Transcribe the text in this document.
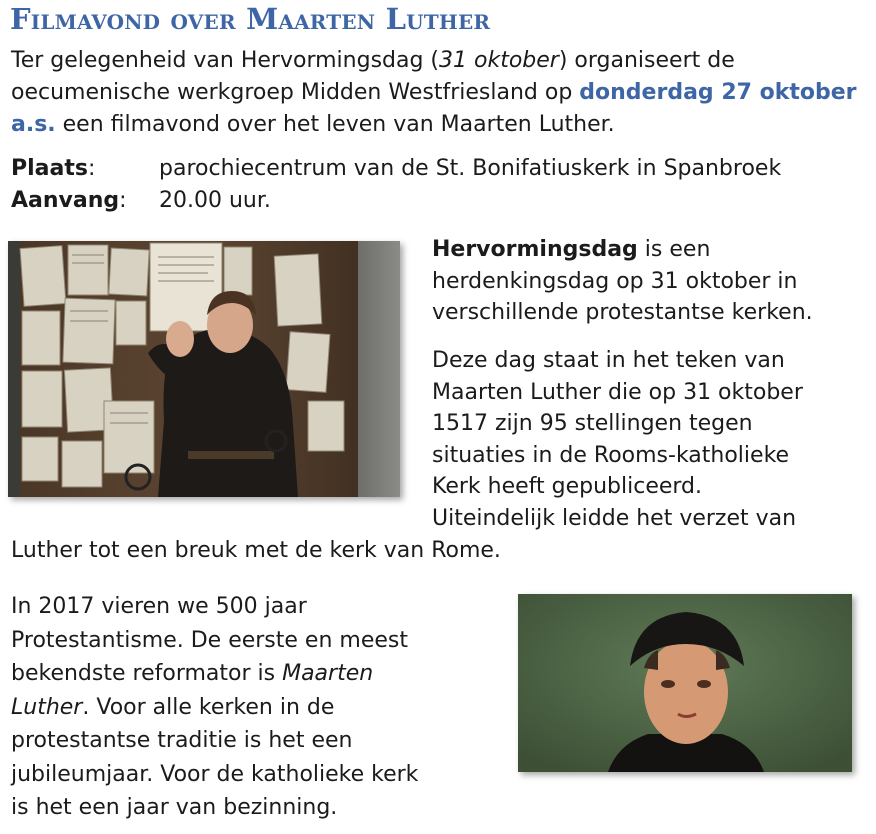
Filmavond over Maarten Luther

Ter gelegenheid van Hervormingsdag (31 oktober) organiseert de oecumenische werkgroep Midden Westfriesland op donderdag 27 oktober a.s. een filmavond over het leven van Maarten Luther.

Plaats:	parochiecentrum van de St. Bonifatiuskerk in Spanbroek
Aanvang:	20.00 uur.

Hervormingsdag is een herdenkingsdag op 31 oktober in verschillende protestantse kerken.

Deze dag staat in het teken van
Maarten Luther die op 31 oktober
1517 zijn 95 stellingen tegen
situaties in de Rooms-katholieke
Kerk heeft gepubliceerd.
Uiteindelijk leidde het verzet van

Luther tot een breuk met de kerk van Rome.

In 2017 vieren we 500 jaar
Protestantisme. De eerste en meest
bekendste reformator is Maarten
Luther. Voor alle kerken in de
protestantse traditie is het een
jubileumjaar. Voor de katholieke kerk
is het een jaar van bezinning.
